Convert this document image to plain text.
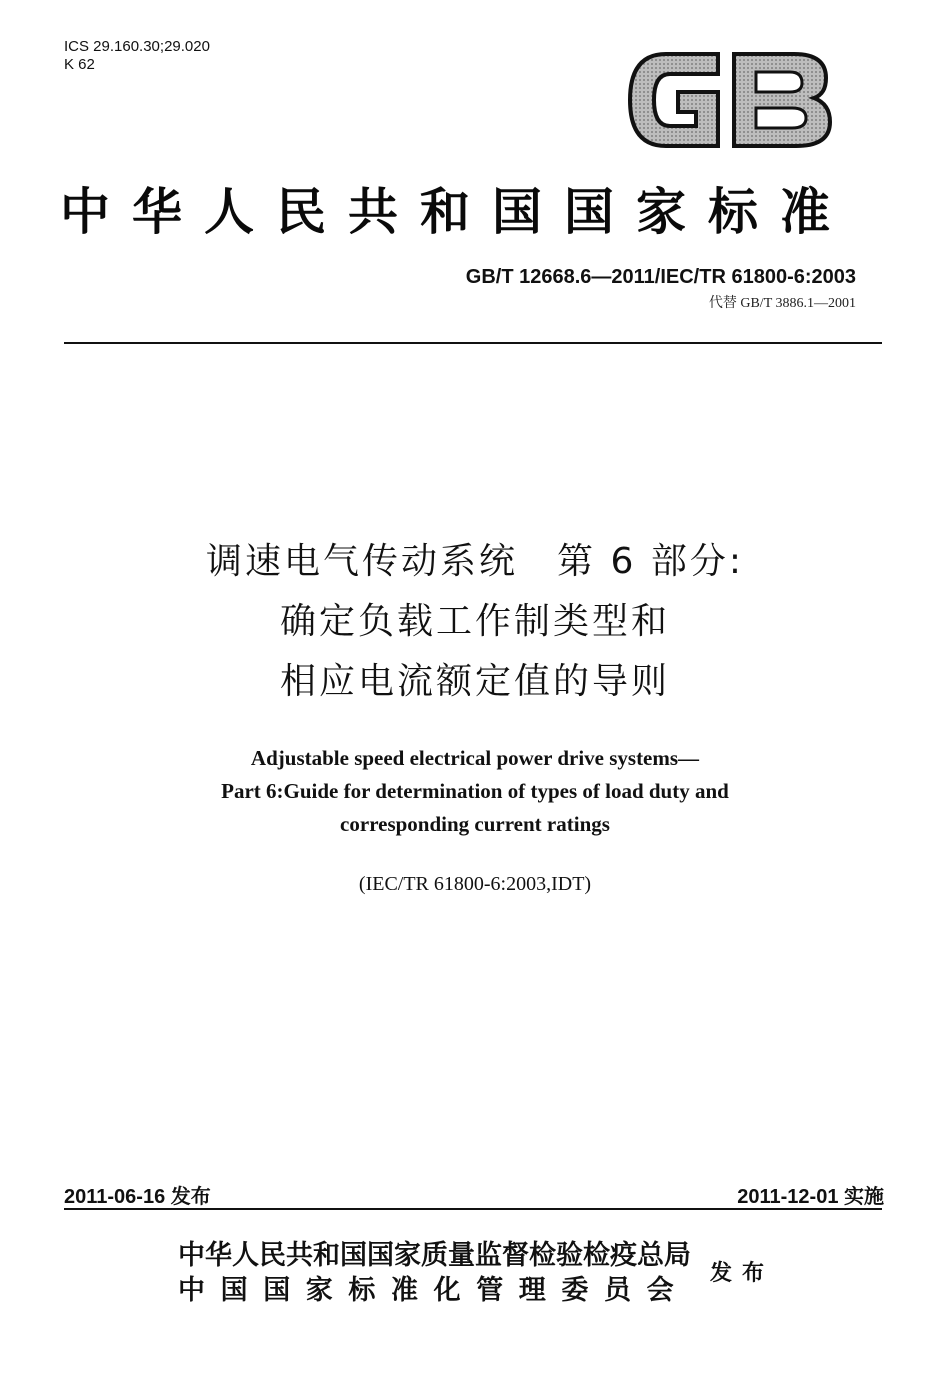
ICS 29.160.30;29.020
K 62
中华人民共和国国家标准
GB/T 12668.6—2011/IEC/TR 61800-6:2003
代替 GB/T 3886.1—2001
调速电气传动系统　第 6 部分:
确定负载工作制类型和
相应电流额定值的导则
Adjustable speed electrical power drive systems—
Part 6:Guide for determination of types of load duty and
corresponding current ratings
(IEC/TR 61800-6:2003,IDT)
2011-06-16 发布	2011-12-01 实施
中华人民共和国国家质量监督检验检疫总局
中国国家标准化管理委员会
发布
